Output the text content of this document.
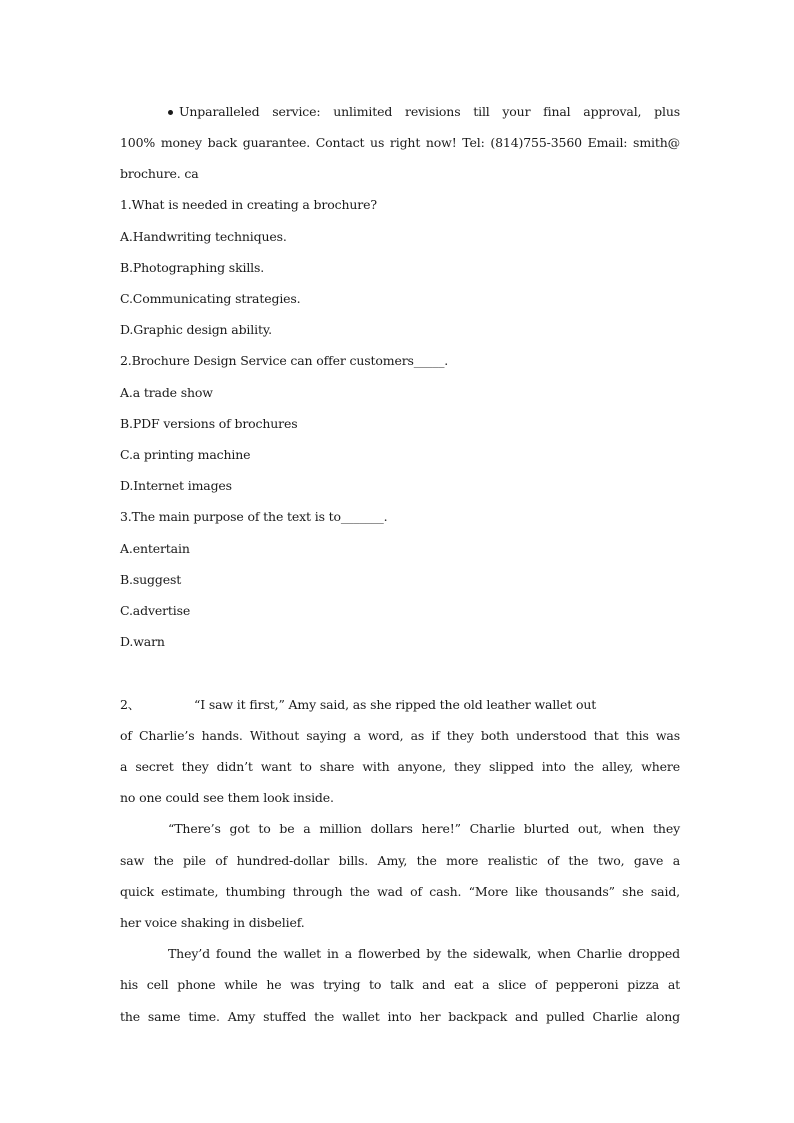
Unparalleled service: unlimited revisions till your final approval, plus
100% money back guarantee. Contact us right now! Tel: (814)755-3560 Email: smith@
brochure. ca
1.What is needed in creating a brochure?
A.Handwriting techniques.
B.Photographing skills.
C.Communicating strategies.
D.Graphic design ability.
2.Brochure Design Service can offer customers_____.
A.a trade show
B.PDF versions of brochures
C.a printing machine
D.Internet images
3.The main purpose of the text is to_______.
A.entertain
B.suggest
C.advertise
D.warn
2、	“I saw it first,” Amy said, as she ripped the old leather wallet out
of Charlie’s hands. Without saying a word, as if they both understood that this was
a secret they didn’t want to share with anyone, they slipped into the alley, where
no one could see them look inside.
“There’s got to be a million dollars here!” Charlie blurted out, when they
saw the pile of hundred-dollar bills. Amy, the more realistic of the two, gave a
quick estimate, thumbing through the wad of cash. “More like thousands” she said,
her voice shaking in disbelief.
They’d found the wallet in a flowerbed by the sidewalk, when Charlie dropped
his cell phone while he was trying to talk and eat a slice of pepperoni pizza at
the same time. Amy stuffed the wallet into her backpack and pulled Charlie along
